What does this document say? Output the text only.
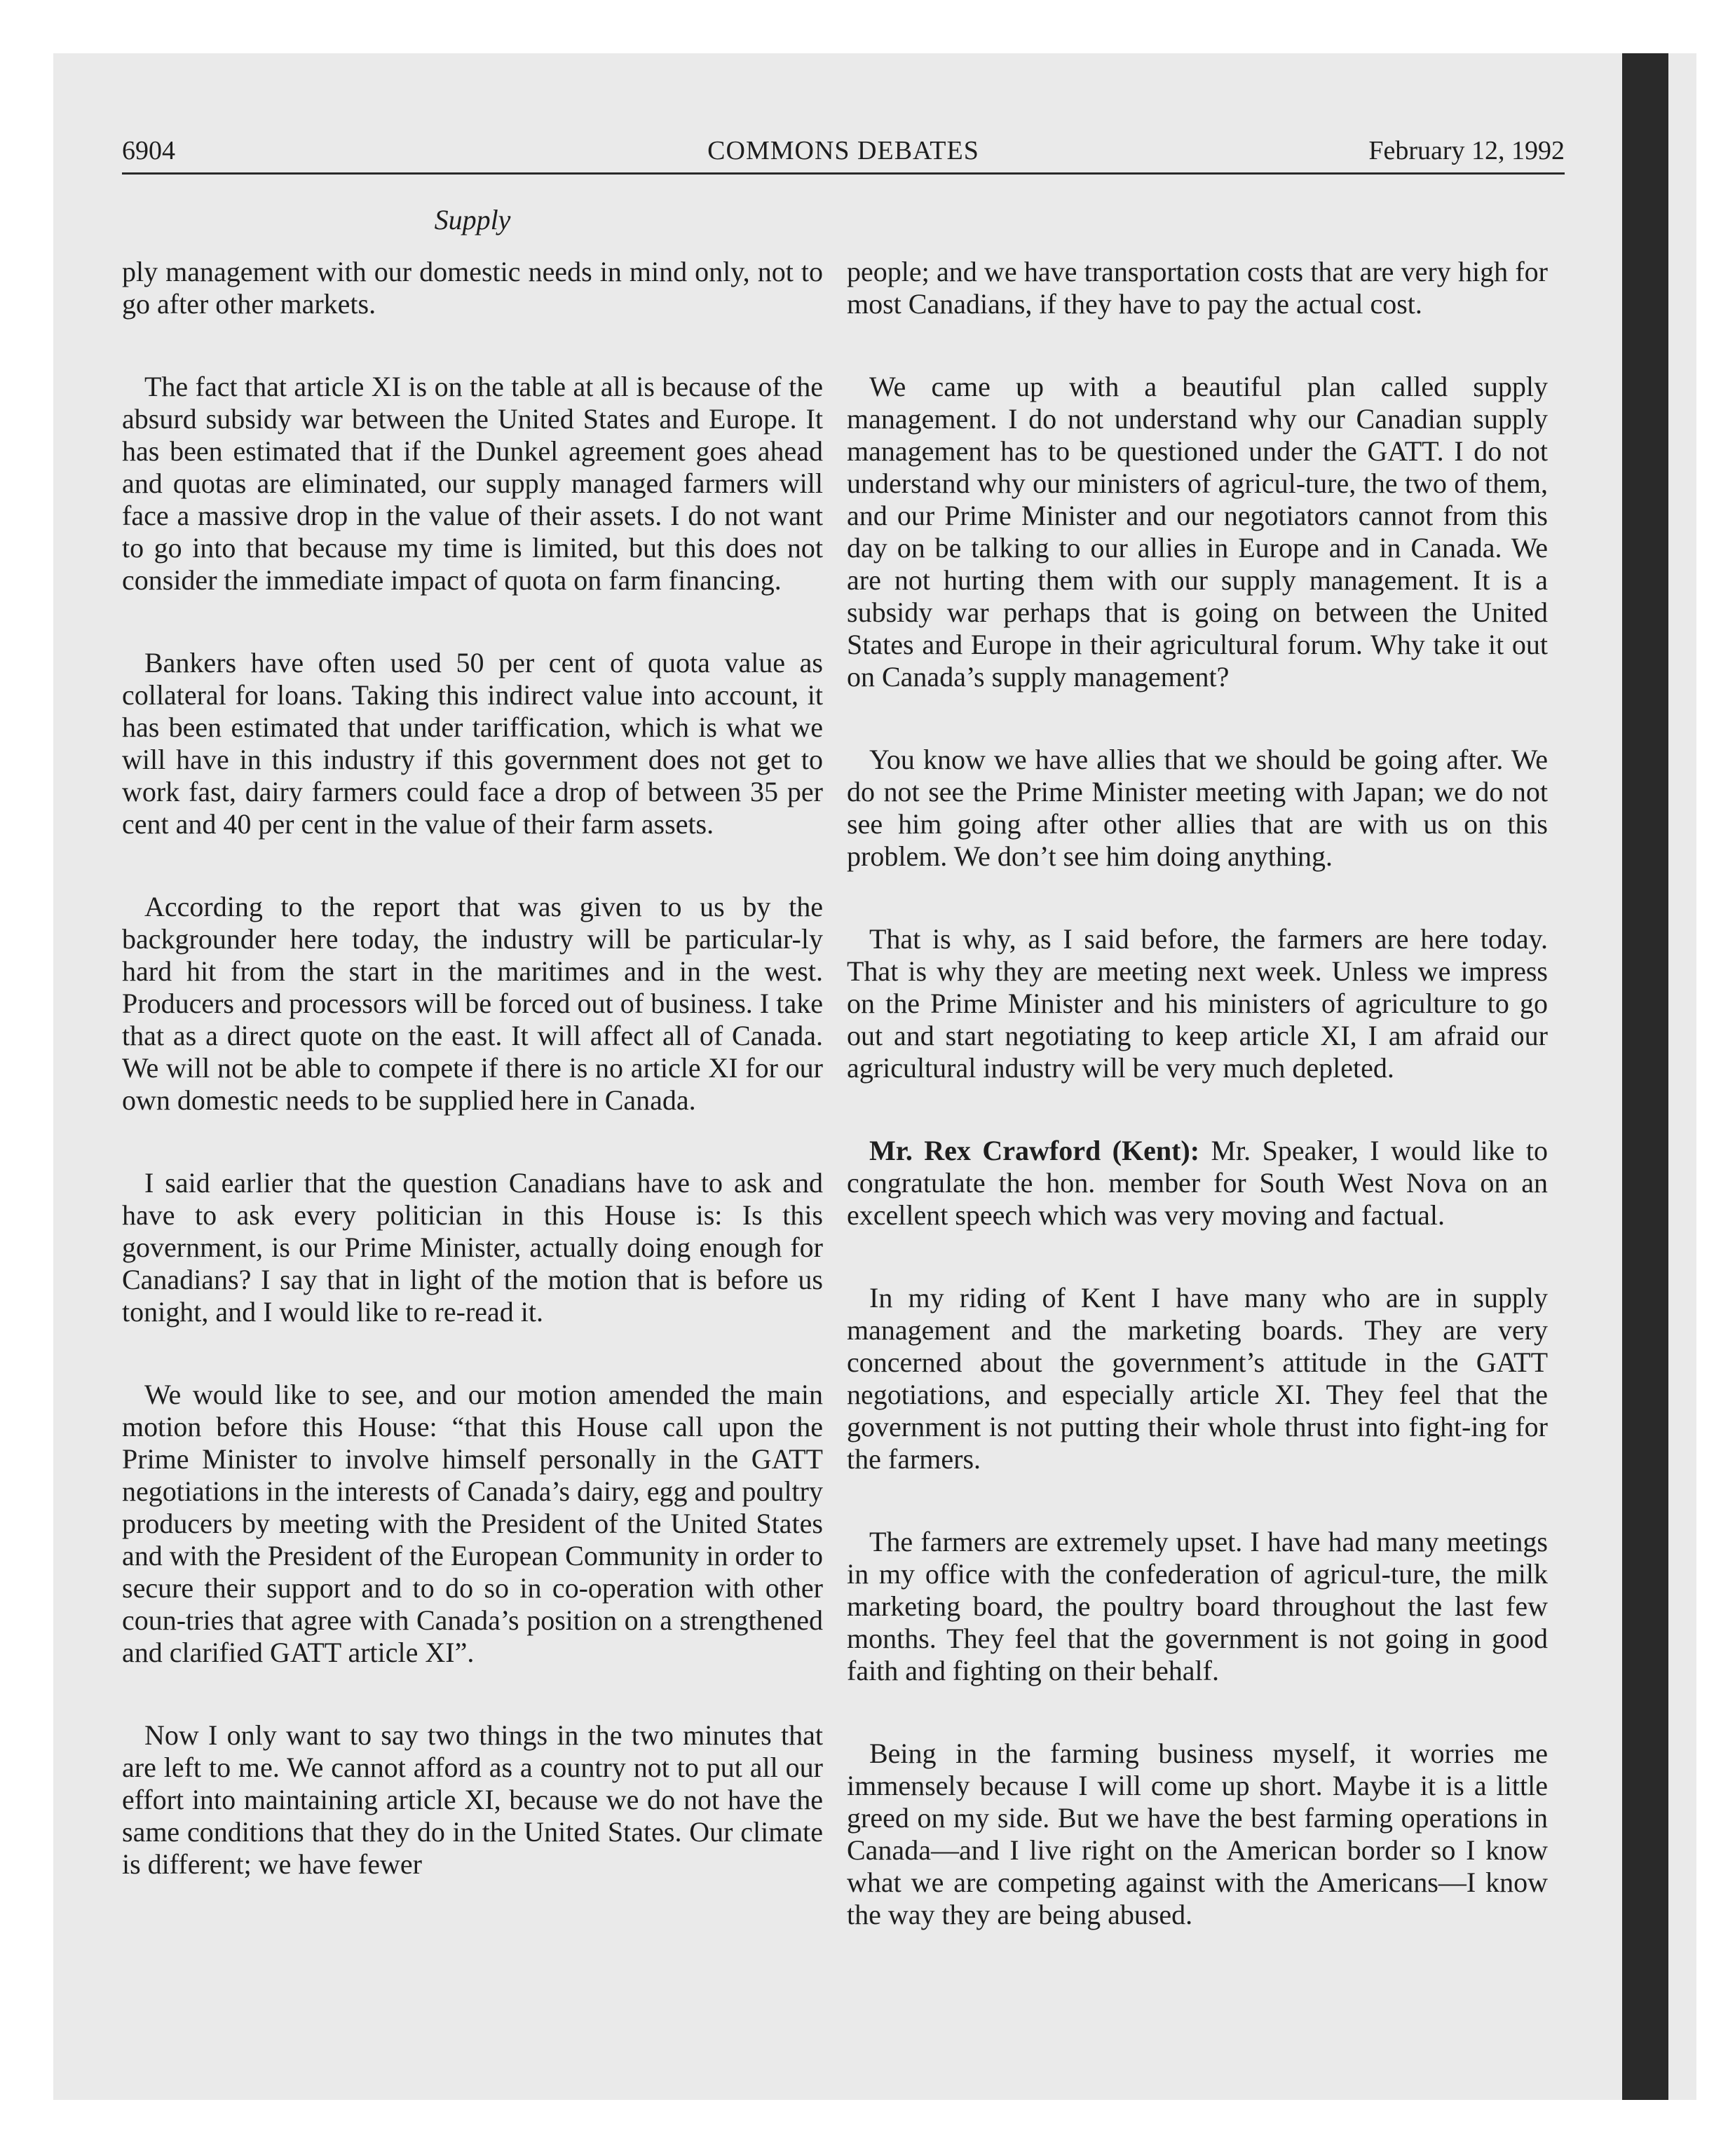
6904	COMMONS DEBATES	February 12, 1992
Supply

ply management with our domestic needs in mind only, not to go after other markets.

The fact that article XI is on the table at all is because of the absurd subsidy war between the United States and Europe. It has been estimated that if the Dunkel agreement goes ahead and quotas are eliminated, our supply managed farmers will face a massive drop in the value of their assets. I do not want to go into that because my time is limited, but this does not consider the immediate impact of quota on farm financing.

Bankers have often used 50 per cent of quota value as collateral for loans. Taking this indirect value into account, it has been estimated that under tariffication, which is what we will have in this industry if this government does not get to work fast, dairy farmers could face a drop of between 35 per cent and 40 per cent in the value of their farm assets.

According to the report that was given to us by the backgrounder here today, the industry will be particular-ly hard hit from the start in the maritimes and in the west. Producers and processors will be forced out of business. I take that as a direct quote on the east. It will affect all of Canada. We will not be able to compete if there is no article XI for our own domestic needs to be supplied here in Canada.

I said earlier that the question Canadians have to ask and have to ask every politician in this House is: Is this government, is our Prime Minister, actually doing enough for Canadians? I say that in light of the motion that is before us tonight, and I would like to re-read it.

We would like to see, and our motion amended the main motion before this House: “that this House call upon the Prime Minister to involve himself personally in the GATT negotiations in the interests of Canada’s dairy, egg and poultry producers by meeting with the President of the United States and with the President of the European Community in order to secure their support and to do so in co-operation with other coun-tries that agree with Canada’s position on a strengthened and clarified GATT article XI”.

Now I only want to say two things in the two minutes that are left to me. We cannot afford as a country not to put all our effort into maintaining article XI, because we do not have the same conditions that they do in the United States. Our climate is different; we have fewer

people; and we have transportation costs that are very high for most Canadians, if they have to pay the actual cost.

We came up with a beautiful plan called supply management. I do not understand why our Canadian supply management has to be questioned under the GATT. I do not understand why our ministers of agricul-ture, the two of them, and our Prime Minister and our negotiators cannot from this day on be talking to our allies in Europe and in Canada. We are not hurting them with our supply management. It is a subsidy war perhaps that is going on between the United States and Europe in their agricultural forum. Why take it out on Canada’s supply management?

You know we have allies that we should be going after. We do not see the Prime Minister meeting with Japan; we do not see him going after other allies that are with us on this problem. We don’t see him doing anything.

That is why, as I said before, the farmers are here today. That is why they are meeting next week. Unless we impress on the Prime Minister and his ministers of agriculture to go out and start negotiating to keep article XI, I am afraid our agricultural industry will be very much depleted.

Mr. Rex Crawford (Kent): Mr. Speaker, I would like to congratulate the hon. member for South West Nova on an excellent speech which was very moving and factual.

In my riding of Kent I have many who are in supply management and the marketing boards. They are very concerned about the government’s attitude in the GATT negotiations, and especially article XI. They feel that the government is not putting their whole thrust into fight-ing for the farmers.

The farmers are extremely upset. I have had many meetings in my office with the confederation of agricul-ture, the milk marketing board, the poultry board throughout the last few months. They feel that the government is not going in good faith and fighting on their behalf.

Being in the farming business myself, it worries me immensely because I will come up short. Maybe it is a little greed on my side. But we have the best farming operations in Canada—and I live right on the American border so I know what we are competing against with the Americans—I know the way they are being abused.
